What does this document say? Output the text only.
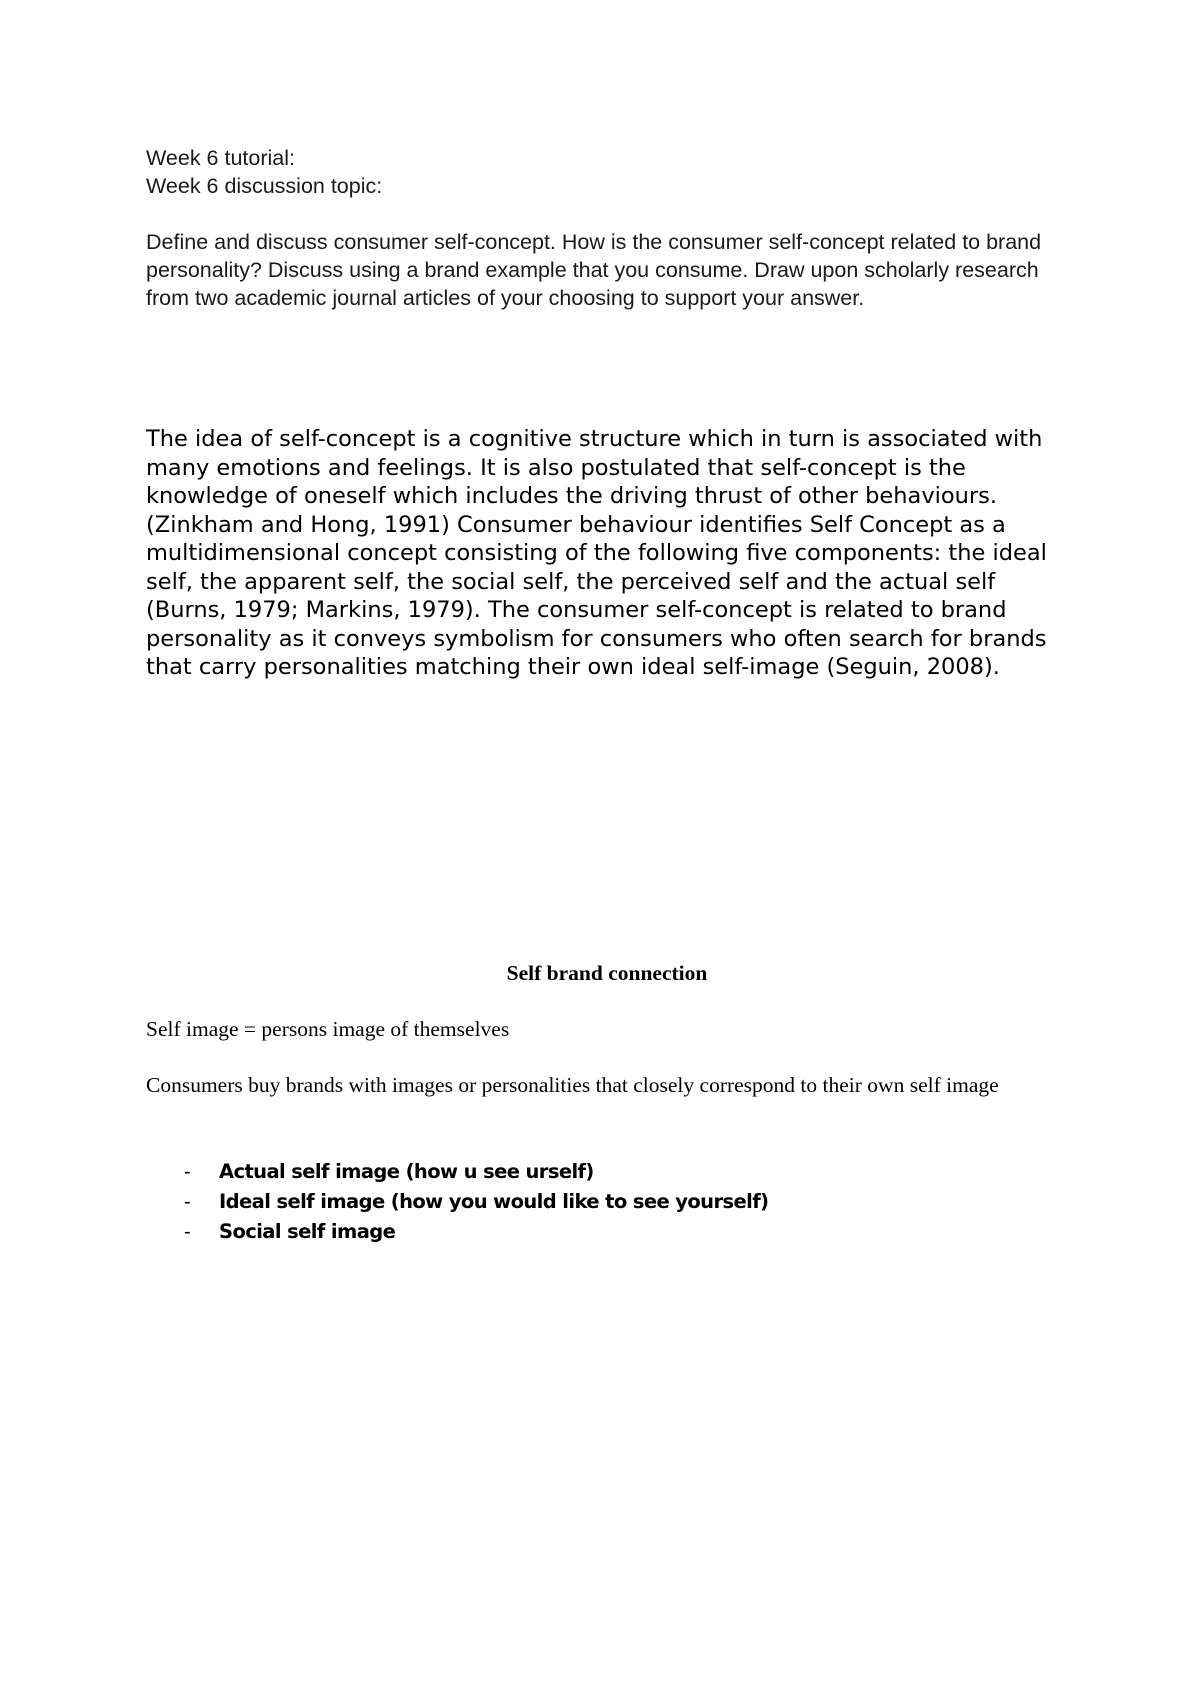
Week 6 tutorial:

Week 6 discussion topic:

Define and discuss consumer self-concept. How is the consumer self-concept related to brand personality? Discuss using a brand example that you consume. Draw upon scholarly research from two academic journal articles of your choosing to support your answer.

The idea of self-concept is a cognitive structure which in turn is associated with many emotions and feelings. It is also postulated that self-concept is the knowledge of oneself which includes the driving thrust of other behaviours. (Zinkham and Hong, 1991) Consumer behaviour identifies Self Concept as a multidimensional concept consisting of the following five components: the ideal self, the apparent self, the social self, the perceived self and the actual self (Burns, 1979; Markins, 1979). The consumer self-concept is related to brand personality as it conveys symbolism for consumers who often search for brands that carry personalities matching their own ideal self-image (Seguin, 2008).

Self brand connection

Self image = persons image of themselves

Consumers buy brands with images or personalities that closely correspond to their own self image

- Actual self image (how u see urself)
- Ideal self image (how you would like to see yourself)
- Social self image
